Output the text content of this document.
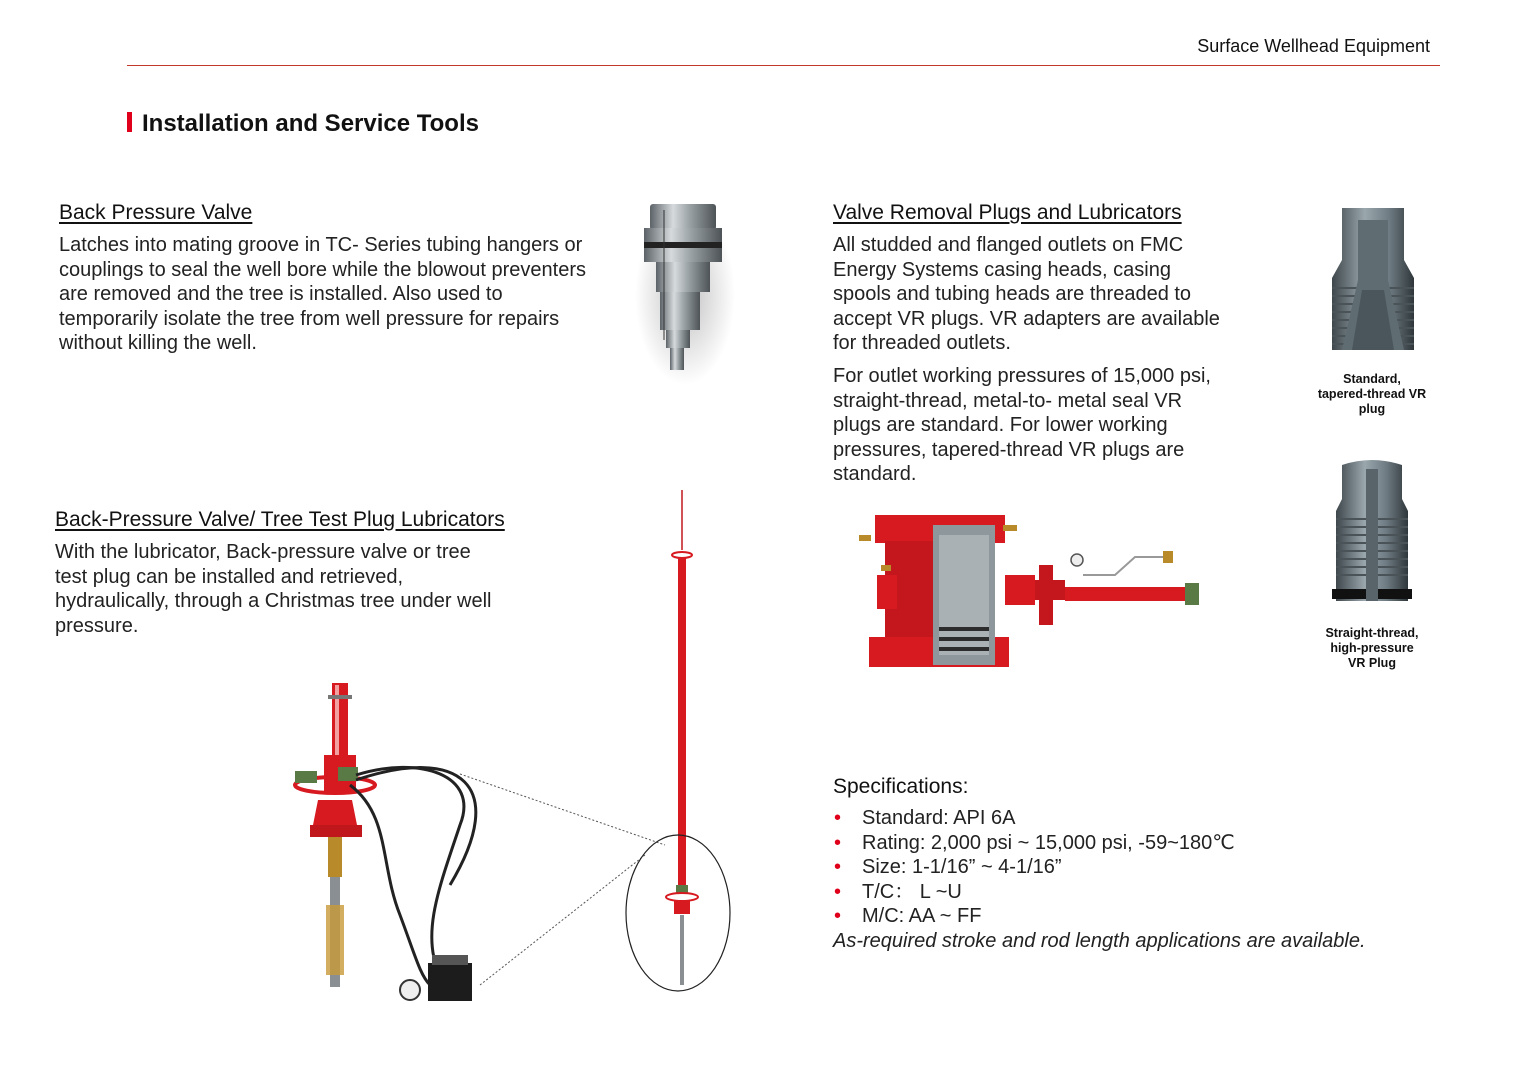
Surface Wellhead Equipment
Installation and Service Tools
Back Pressure Valve
Latches into mating groove in TC- Series tubing hangers or
couplings to seal the well bore while the blowout preventers
are removed and the tree is installed. Also used to
temporarily isolate the tree from well pressure for repairs
without killing the well.
Back-Pressure Valve/ Tree Test Plug Lubricators
With the lubricator, Back-pressure valve or tree
test plug can be installed and retrieved,
hydraulically, through a Christmas tree under well
pressure.
Valve Removal Plugs and Lubricators
All studded and flanged outlets on FMC
Energy Systems casing heads, casing
spools and tubing heads are threaded to
accept VR plugs. VR adapters are available
for threaded outlets.
For outlet working pressures of 15,000 psi,
straight-thread, metal-to- metal seal VR
plugs are standard. For lower working
pressures, tapered-thread VR plugs are
standard.
Standard,
tapered-thread VR
plug
Straight-thread,
high-pressure
VR Plug
Specifications:
• Standard: API 6A
• Rating: 2,000 psi ~ 15,000 psi, -59~180℃
• Size: 1-1/16” ~ 4-1/16”
• T/C： L ~U
• M/C: AA ~ FF
As-required stroke and rod length applications are available.
